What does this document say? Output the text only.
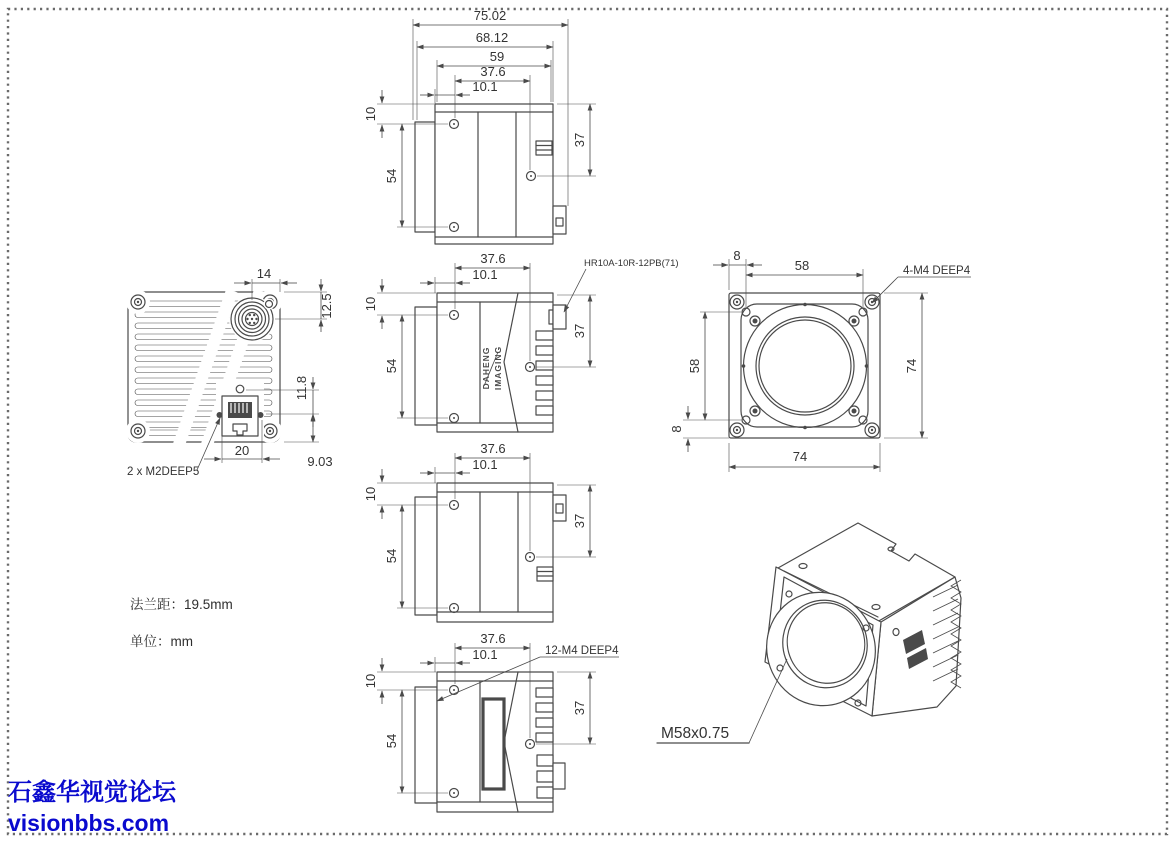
75.02
68.12
59
37.6
10.1
10
54
37
14
12.5
11.8
9.03
20
2 x M2DEEP5
DAHENG IMAGING
37.6
10.1
10
54
37
HR10A-10R-12PB(71)
37.6
10.1
10
54
37
8
58	4-M4 DEEP4
74
58
8
74
37.6
10.1
10
54
37
12-M4 DEEP4
M58x0.75
法兰距：19.5mm
单位：mm
石鑫华视觉论坛
visionbbs.com
